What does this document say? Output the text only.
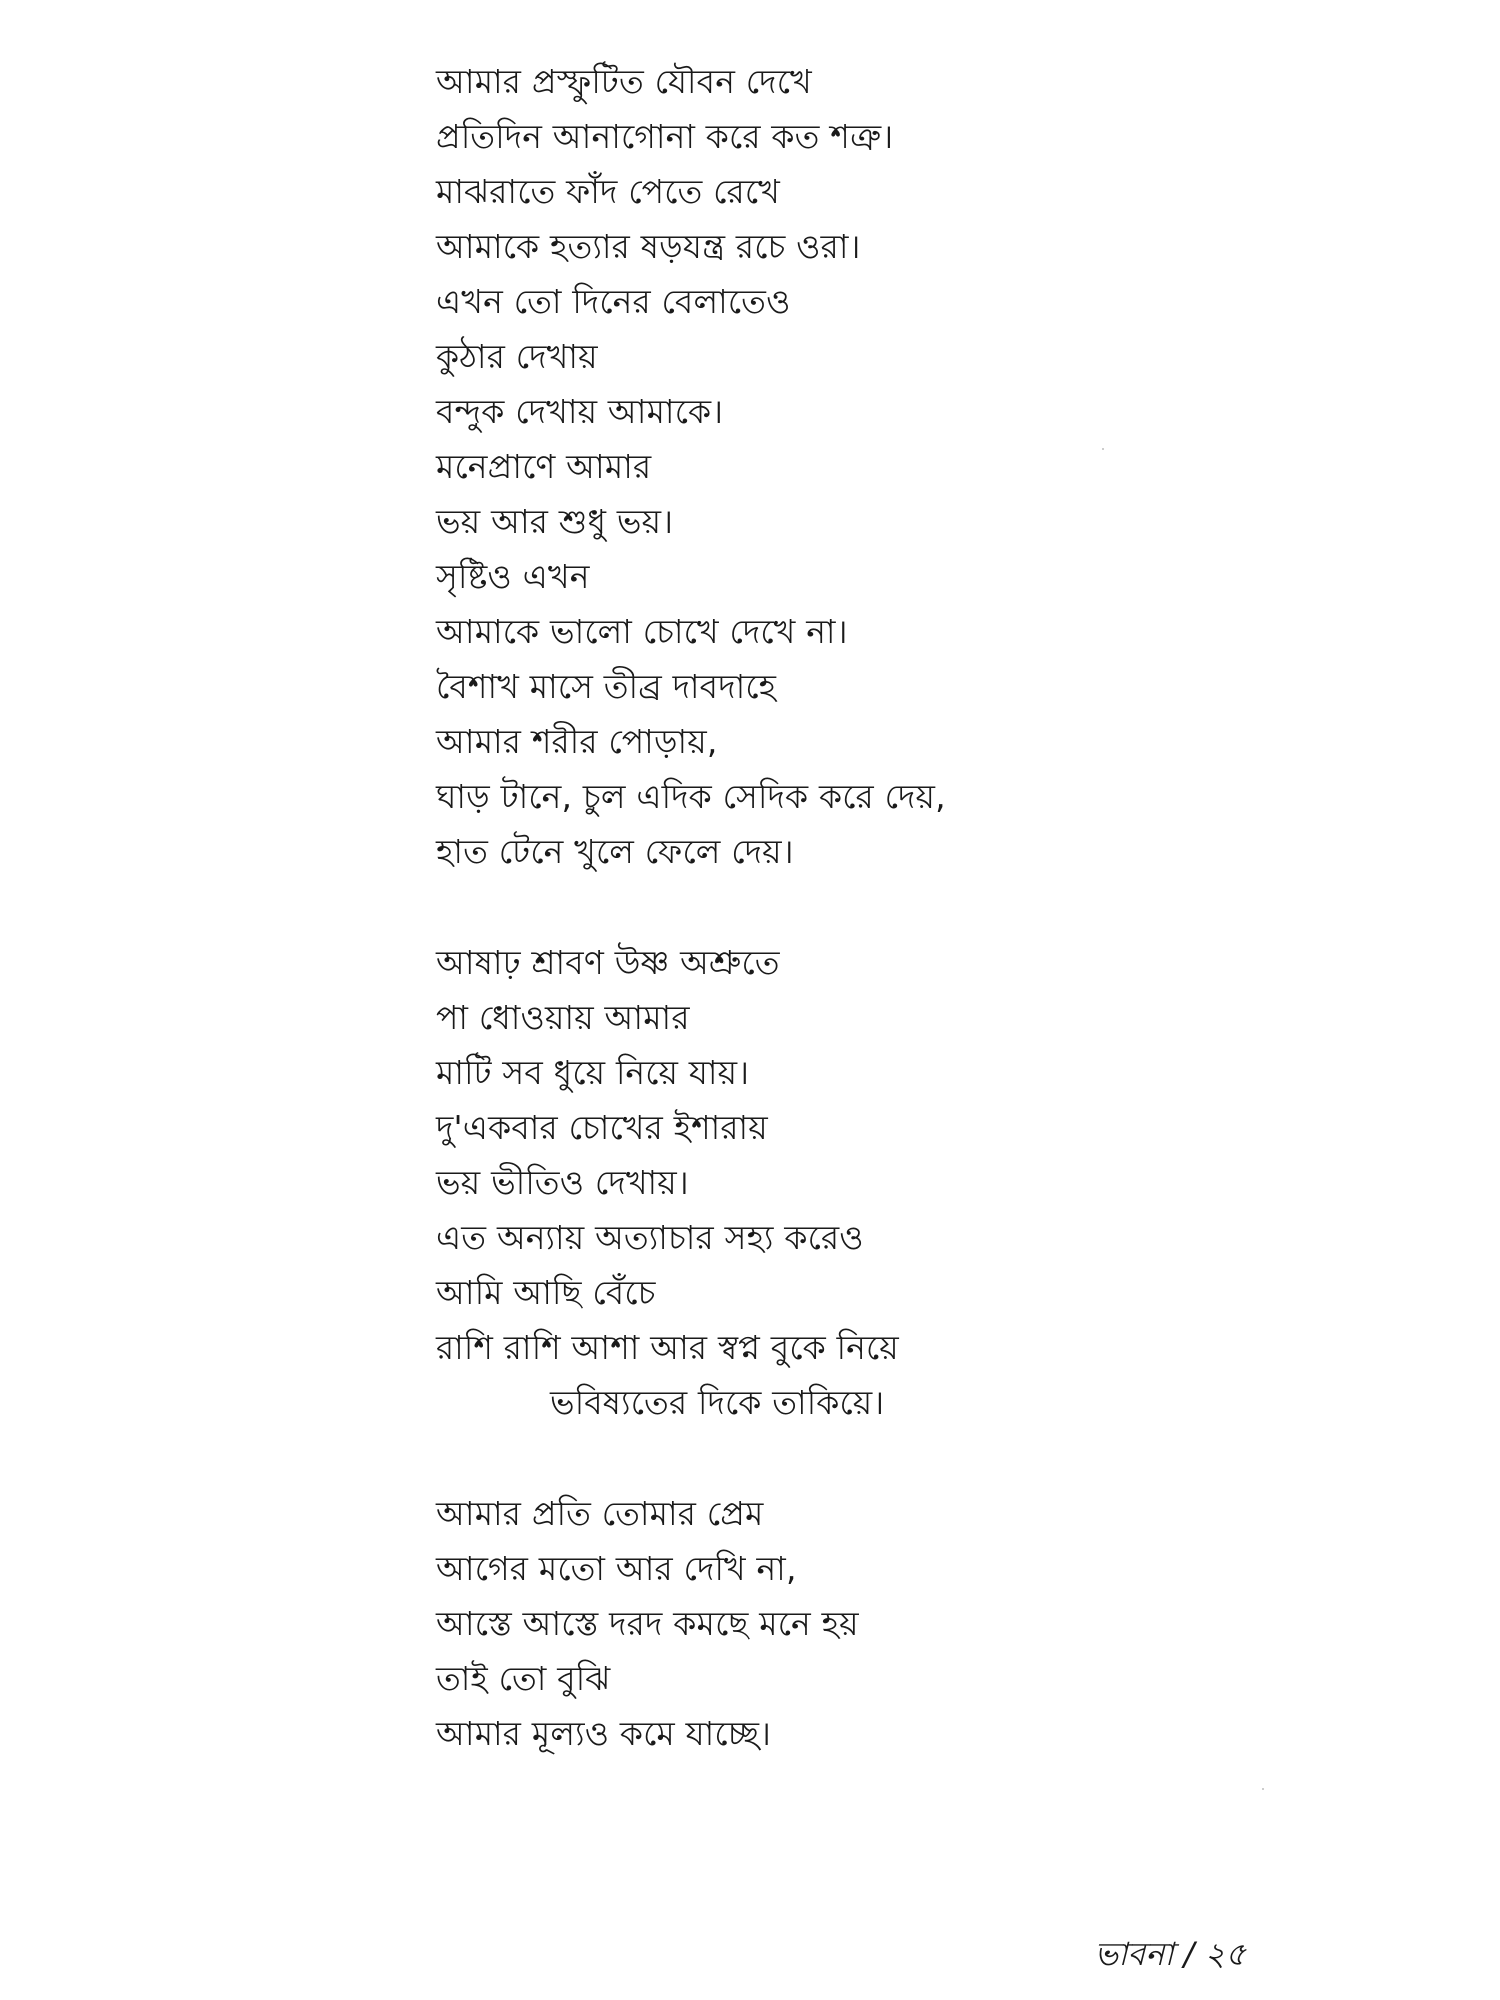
আমার প্রস্ফুটিত যৌবন দেখে
প্রতিদিন আনাগোনা করে কত শত্রু।
মাঝরাতে ফাঁদ পেতে রেখে
আমাকে হত্যার ষড়যন্ত্র রচে ওরা।
এখন তো দিনের বেলাতেও
কুঠার দেখায়
বন্দুক দেখায় আমাকে।
মনেপ্রাণে আমার
ভয় আর শুধু ভয়।
সৃষ্টিও এখন
আমাকে ভালো চোখে দেখে না।
বৈশাখ মাসে তীব্র দাবদাহে
আমার শরীর পোড়ায়,
ঘাড় টানে, চুল এদিক সেদিক করে দেয়,
হাত টেনে খুলে ফেলে দেয়।
আষাঢ় শ্রাবণ উষ্ণ অশ্রুতে
পা ধোওয়ায় আমার
মাটি সব ধুয়ে নিয়ে যায়।
দু'একবার চোখের ইশারায়
ভয় ভীতিও দেখায়।
এত অন্যায় অত্যাচার সহ্য করেও
আমি আছি বেঁচে
রাশি রাশি আশা আর স্বপ্ন বুকে নিয়ে
ভবিষ্যতের দিকে তাকিয়ে।
আমার প্রতি তোমার প্রেম
আগের মতো আর দেখি না,
আস্তে আস্তে দরদ কমছে মনে হয়
তাই তো বুঝি
আমার মূল্যও কমে যাচ্ছে।
ভাবনা / ২৫
